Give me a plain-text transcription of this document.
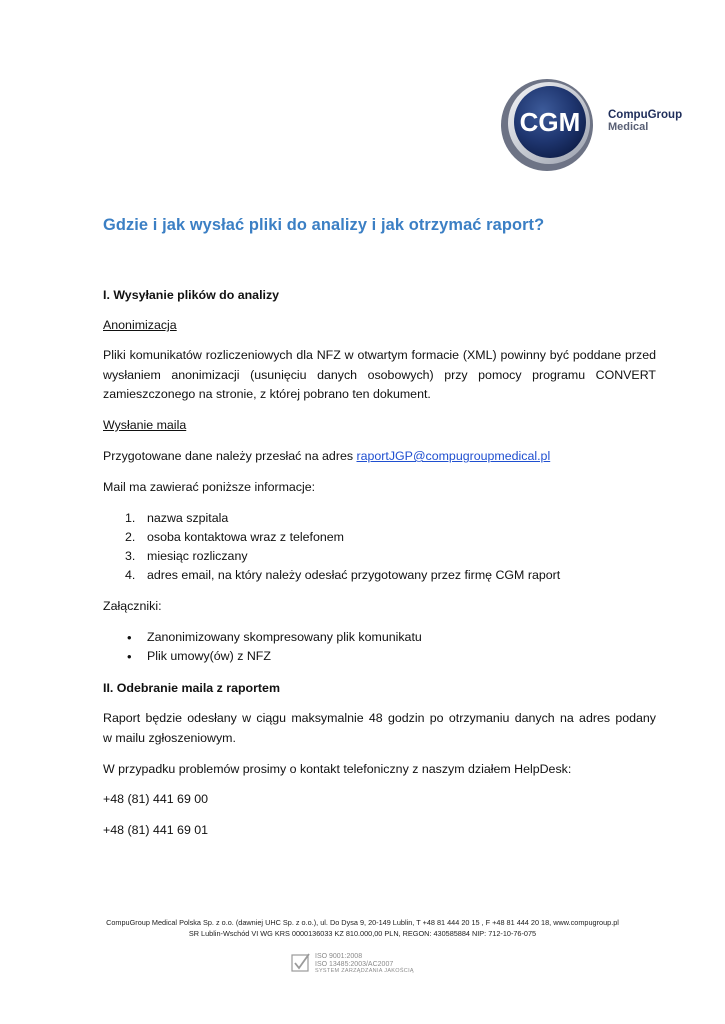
CGM CompuGroup
Medical
Gdzie i jak wysłać pliki do analizy i jak otrzymać raport?
I. Wysyłanie plików do analizy
Anonimizacja
Pliki komunikatów rozliczeniowych dla NFZ w otwartym formacie (XML) powinny być poddane przed
wysłaniem anonimizacji (usunięciu danych osobowych) przy pomocy programu CONVERT
zamieszczonego na stronie, z której pobrano ten dokument.
Wysłanie maila
Przygotowane dane należy przesłać na adres raportJGP@compugroupmedical.pl
Mail ma zawierać poniższe informacje:
1. nazwa szpitala
2. osoba kontaktowa wraz z telefonem
3. miesiąc rozliczany
4. adres email, na który należy odesłać przygotowany przez firmę CGM raport
Załączniki:
• Zanonimizowany skompresowany plik komunikatu
• Plik umowy(ów) z NFZ
II. Odebranie maila z raportem
Raport będzie odesłany w ciągu maksymalnie 48 godzin po otrzymaniu danych na adres podany
w mailu zgłoszeniowym.
W przypadku problemów prosimy o kontakt telefoniczny z naszym działem HelpDesk:
+48 (81) 441 69 00
+48 (81) 441 69 01
CompuGroup Medical Polska Sp. z o.o. (dawniej UHC Sp. z o.o.), ul. Do Dysa 9, 20-149 Lublin, T +48 81 444 20 15 , F +48 81 444 20 18, www.compugroup.pl
SR Lublin-Wschód VI WG KRS 0000136033 KZ 810.000,00 PLN, REGON: 430585884 NIP: 712-10-76-075
ISO 9001:2008
ISO 13485:2003/AC2007
SYSTEM ZARZĄDZANIA JAKOŚCIĄ
